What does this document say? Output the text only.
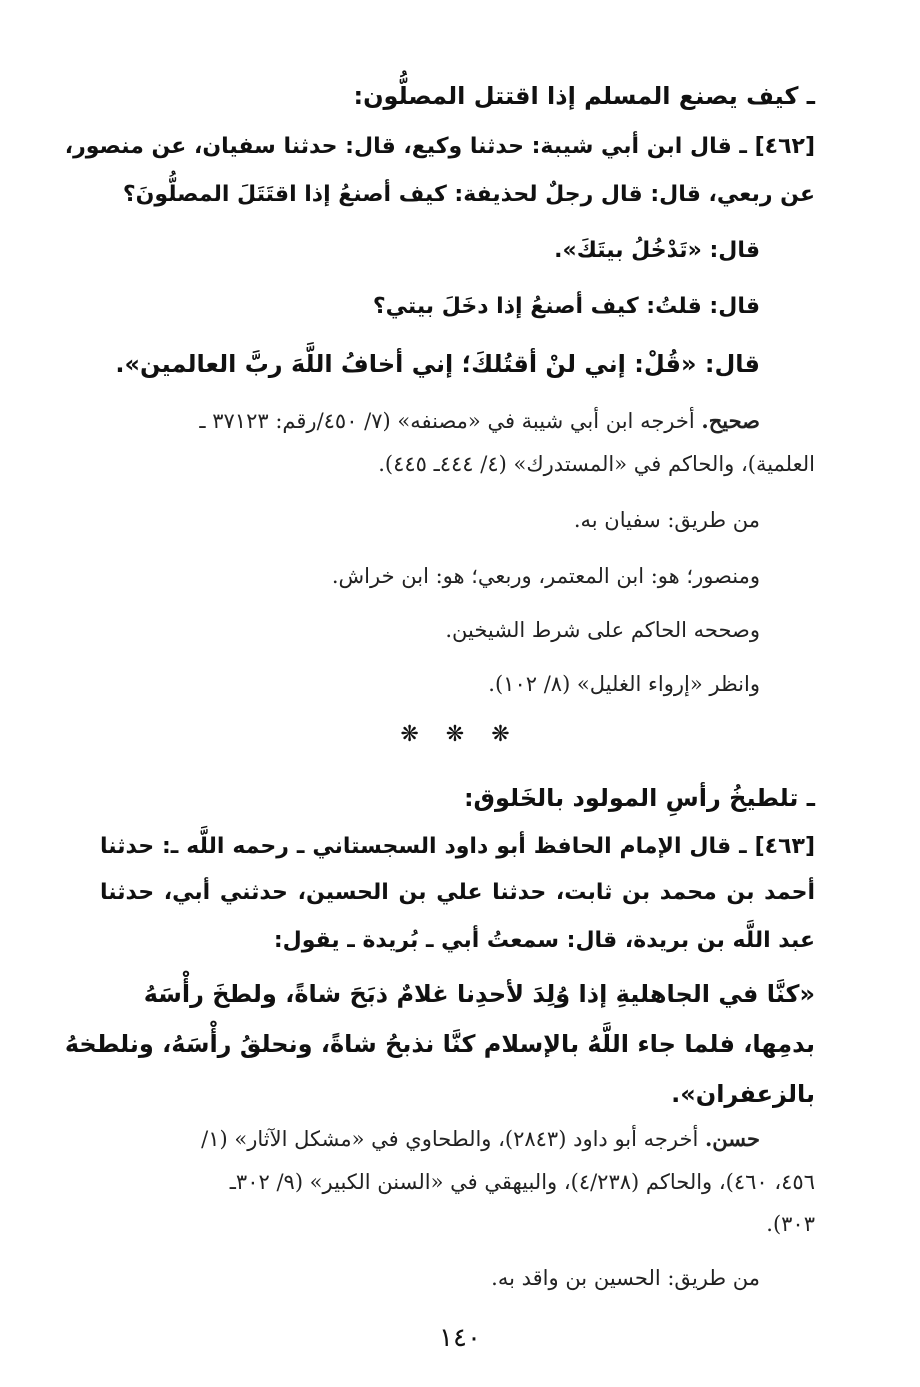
ـ كيف يصنع المسلم إذا اقتتل المصلُّون:
[٤٦٢] ـ قال ابن أبي شيبة: حدثنا وكيع، قال: حدثنا سفيان، عن منصور،
عن ربعي، قال: قال رجلٌ لحذيفة: كيف أصنعُ إذا اقتَتَلَ المصلُّونَ؟
قال: «تَدْخُلُ بيتَكَ».
قال: قلتُ: كيف أصنعُ إذا دخَلَ بيتي؟
قال: «قُلْ: إني لنْ أقتُلكَ؛ إني أخافُ اللَّهَ ربَّ العالمين».
صحيح. أخرجه ابن أبي شيبة في «مصنفه» (٧/ ٤٥٠/رقم: ٣٧١٢٣ ـ
العلمية)، والحاكم في «المستدرك» (٤/ ٤٤٤ـ ٤٤٥).
من طريق: سفيان به.
ومنصور؛ هو: ابن المعتمر، وربعي؛ هو: ابن خراش.
وصححه الحاكم على شرط الشيخين.
وانظر «إرواء الغليل» (٨/ ١٠٢).
❋ ❋ ❋
ـ تلطيخُ رأسِ المولود بالخَلوق:
[٤٦٣] ـ قال الإمام الحافظ أبو داود السجستاني ـ رحمه اللَّه ـ: حدثنا
أحمد بن محمد بن ثابت، حدثنا علي بن الحسين، حدثني أبي، حدثنا
عبد اللَّه بن بريدة، قال: سمعتُ أبي ـ بُريدة ـ يقول:
«كنَّا في الجاهليةِ إذا وُلِدَ لأحدِنا غلامٌ ذبَحَ شاةً، ولطخَ رأْسَهُ
بدمِها، فلما جاء اللَّهُ بالإسلام كنَّا نذبحُ شاةً، ونحلقُ رأْسَهُ، ونلطخهُ
بالزعفران».
حسن. أخرجه أبو داود (٢٨٤٣)، والطحاوي في «مشكل الآثار» (١/
٤٥٦، ٤٦٠)، والحاكم (٤/٢٣٨)، والبيهقي في «السنن الكبير» (٩/ ٣٠٢ـ
٣٠٣).
من طريق: الحسين بن واقد به.
١٤٠
